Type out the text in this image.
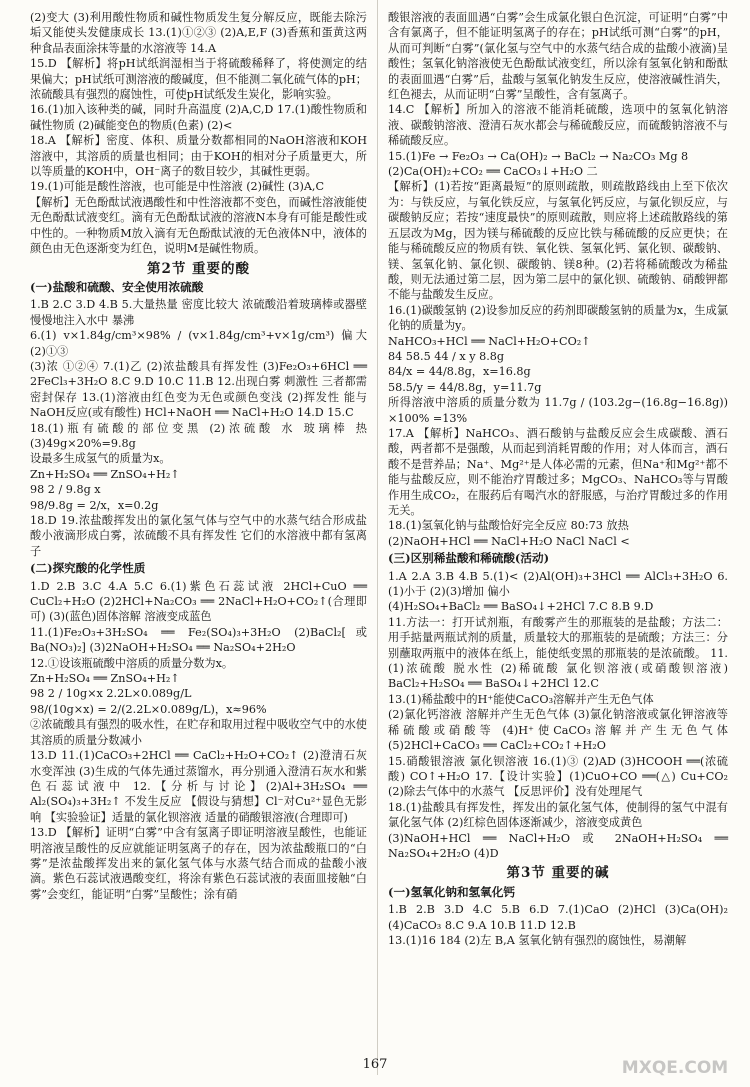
(2)变大 (3)利用酸性物质和碱性物质发生复分解反应，既能去除污垢又能使头发健康成长 13.(1)①②③ (2)A,E,F (3)香蕉和蛋黄这两种食品表面涂抹等量的水溶液等 14.A

15.D 【解析】将pH试纸润湿相当于将硫酸稀释了，将使测定的结果偏大；pH试纸可测溶液的酸碱度，但不能测二氧化硫气体的pH；浓硫酸具有强烈的腐蚀性，可使pH试纸发生炭化，影响实验。

16.(1)加入该种类的碱，同时升高温度 (2)A,C,D 17.(1)酸性物质和碱性物质 (2)碱能变色的物质(色素) (2)<

18.A 【解析】密度、体积、质量分数都相同的NaOH溶液和KOH溶液中，其溶质的质量也相同；由于KOH的相对分子质量更大，所以等质量的KOH中，OH⁻离子的数目较少，其碱性更弱。

19.(1)可能是酸性溶液，也可能是中性溶液 (2)碱性 (3)A,C

【解析】无色酚酞试液遇酸性和中性溶液都不变色，而碱性溶液能使无色酚酞试液变红。滴有无色酚酞试液的溶液N本身有可能是酸性或中性的。一种物质M放入滴有无色酚酞试液的无色液体N中，液体的颜色由无色逐渐变为红色，说明M是碱性物质。

第2节 重要的酸
(一)盐酸和硫酸、安全使用浓硫酸

1.B 2.C 3.D 4.B 5.大量热量 密度比较大 浓硫酸沿着玻璃棒或器壁慢慢地注入水中 暴沸

6.(1) v×1.84g/cm³×98% / (v×1.84g/cm³+v×1g/cm³) 偏大 (2)①③

(3)浓 ①②④ 7.(1)乙 (2)浓盐酸具有挥发性 (3)Fe₂O₃+6HCl ══ 2FeCl₃+3H₂O 8.C 9.D 10.C 11.B 12.出现白雾 刺激性 三者都需密封保存 13.(1)溶液由红色变为无色或颜色变浅 (2)挥发性 能与NaOH反应(或有酸性) HCl+NaOH ══ NaCl+H₂O 14.D 15.C

18.(1)瓶有硫酸的部位变黑 (2)浓硫酸 水 玻璃棒 热 (3)49g×20%=9.8g

设最多生成氢气的质量为x。

Zn+H₂SO₄ ══ ZnSO₄+H₂↑

98 2 / 9.8g x

98/9.8g = 2/x，x=0.2g

18.D 19.浓盐酸挥发出的氯化氢气体与空气中的水蒸气结合形成盐酸小液滴形成白雾，浓硫酸不具有挥发性 它们的水溶液中都有氢离子

(二)探究酸的化学性质

1.D 2.B 3.C 4.A 5.C 6.(1)紫色石蕊试液 2HCl+CuO ══ CuCl₂+H₂O (2)2HCl+Na₂CO₃ ══ 2NaCl+H₂O+CO₂↑(合理即可) (3)(蓝色)固体溶解 溶液变成蓝色

11.(1)Fe₂O₃+3H₂SO₄ ══ Fe₂(SO₄)₃+3H₂O (2)BaCl₂[或Ba(NO₃)₂] (3)2NaOH+H₂SO₄ ══ Na₂SO₄+2H₂O

12.①设该瓶硫酸中溶质的质量分数为x。

Zn+H₂SO₄ ══ ZnSO₄+H₂↑

98 2 / 10g×x 2.2L×0.089g/L

98/(10g×x) = 2/(2.2L×0.089g/L)，x≈96%

②浓硫酸具有强烈的吸水性，在贮存和取用过程中吸收空气中的水使其溶质的质量分数减小

13.D 11.(1)CaCO₃+2HCl ══ CaCl₂+H₂O+CO₂↑ (2)澄清石灰水变浑浊 (3)生成的气体先通过蒸馏水，再分别通入澄清石灰水和紫色石蕊试液中 12.【分析与讨论】(2)Al+3H₂SO₄ ══ Al₂(SO₄)₃+3H₂↑ 不发生反应 【假设与猜想】Cl⁻对Cu²⁺显色无影响 【实验验证】适量的氯化钡溶液 适量的硝酸银溶液(合理即可)

13.D 【解析】证明“白雾”中含有氢离子即证明溶液呈酸性，也能证明溶液呈酸性的反应就能证明氢离子的存在，因为浓盐酸瓶口的“白雾”是浓盐酸挥发出来的氯化氢气体与水蒸气结合而成的盐酸小液滴。紫色石蕊试液遇酸变红，将涂有紫色石蕊试液的表面皿接触“白雾”会变红，能证明“白雾”呈酸性；涂有硝

酸银溶液的表面皿遇“白雾”会生成氯化银白色沉淀，可证明“白雾”中含有氯离子，但不能证明氢离子的存在；pH试纸可测“白雾”的pH，从而可判断“白雾”(氯化氢与空气中的水蒸气结合成的盐酸小液滴)呈酸性；氢氧化钠溶液使无色酚酞试液变红，所以涂有氢氧化钠和酚酞的表面皿遇“白雾”后，盐酸与氢氧化钠发生反应，使溶液碱性消失，红色褪去，从而证明“白雾”呈酸性，含有氢离子。

14.C 【解析】所加入的溶液不能消耗硫酸，选项中的氢氧化钠溶液、碳酸钠溶液、澄清石灰水都会与稀硫酸反应，而硫酸钠溶液不与稀硫酸反应。

15.(1)Fe → Fe₂O₃ → Ca(OH)₂ → BaCl₂ → Na₂CO₃ Mg 8

(2)Ca(OH)₂+CO₂ ══ CaCO₃↓+H₂O 二

【解析】(1)若按“距离最短”的原则疏散，则疏散路线由上至下依次为：与铁反应，与氧化铁反应，与氢氧化钙反应，与氯化钡反应，与碳酸钠反应；若按“速度最快”的原则疏散，则应将上述疏散路线的第五层改为Mg，因为镁与稀硫酸的反应比铁与稀硫酸的反应更快；在能与稀硫酸反应的物质有铁、氧化铁、氢氧化钙、氯化钡、碳酸钠、镁、氢氧化钠、氯化钡、碳酸钠、镁8种。(2)若将稀硫酸改为稀盐酸，则无法通过第二层，因为第二层中的氯化钡、硫酸钠、硝酸钾都不能与盐酸发生反应。

16.(1)碳酸氢钠 (2)设参加反应的药剂即碳酸氢钠的质量为x，生成氯化钠的质量为y。

NaHCO₃+HCl ══ NaCl+H₂O+CO₂↑

84 58.5 44 / x y 8.8g

84/x = 44/8.8g，x=16.8g

58.5/y = 44/8.8g，y=11.7g

所得溶液中溶质的质量分数为 11.7g / (103.2g−(16.8g−16.8g)) ×100% =13%

17.A 【解析】NaHCO₃、酒石酸钠与盐酸反应会生成碳酸、酒石酸，两者都不是强酸，从而起到消耗胃酸的作用；对人体而言，酒石酸不是营养品；Na⁺、Mg²⁺是人体必需的元素，但Na⁺和Mg²⁺都不能与盐酸反应，则不能治疗胃酸过多；MgCO₃、NaHCO₃等与胃酸作用生成CO₂，在服药后有喝汽水的舒服感，与治疗胃酸过多的作用无关。

18.(1)氢氧化钠与盐酸恰好完全反应 80:73 放热

(2)NaOH+HCl ══ NaCl+H₂O NaCl NaCl <

(三)区别稀盐酸和稀硫酸(活动)

1.A 2.A 3.B 4.B 5.(1)< (2)Al(OH)₃+3HCl ══ AlCl₃+3H₂O 6.(1)小于 (2)(3)增加 偏小

(4)H₂SO₄+BaCl₂ ══ BaSO₄↓+2HCl 7.C 8.B 9.D

11.方法一：打开试剂瓶，有酸雾产生的那瓶装的是盐酸；方法二：用手掂量两瓶试剂的质量，质量较大的那瓶装的是硫酸；方法三：分别蘸取两瓶中的液体在纸上，能使纸变黑的那瓶装的是浓硫酸。 11.(1)浓硫酸 脱水性 (2)稀硫酸 氯化钡溶液(或硝酸钡溶液) BaCl₂+H₂SO₄ ══ BaSO₄↓+2HCl 12.C

13.(1)稀盐酸中的H⁺能使CaCO₃溶解并产生无色气体

(2)氯化钙溶液 溶解并产生无色气体 (3)氯化钠溶液或氯化钾溶液等 稀硫酸或硝酸等 (4)H⁺使CaCO₃溶解并产生无色气体 (5)2HCl+CaCO₃ ══ CaCl₂+CO₂↑+H₂O

15.硝酸银溶液 氯化钡溶液 16.(1)③ (2)AD (3)HCOOH ══(浓硫酸) CO↑+H₂O 17.【设计实验】(1)CuO+CO ══(△) Cu+CO₂ (2)除去气体中的水蒸气 【反思评价】没有处理尾气

18.(1)盐酸具有挥发性，挥发出的氯化氢气体，使制得的氢气中混有氯化氢气体 (2)红棕色固体逐渐减少，溶液变成黄色

(3)NaOH+HCl ══ NaCl+H₂O 或 2NaOH+H₂SO₄ ══ Na₂SO₄+2H₂O (4)D

第3节 重要的碱
(一)氢氧化钠和氢氧化钙

1.B 2.B 3.D 4.C 5.B 6.D 7.(1)CaO (2)HCl (3)Ca(OH)₂ (4)CaCO₃ 8.C 9.A 10.B 11.D 12.B

13.(1)16 184 (2)左 B,A 氢氧化钠有强烈的腐蚀性，易潮解

167	MXQE.COM
